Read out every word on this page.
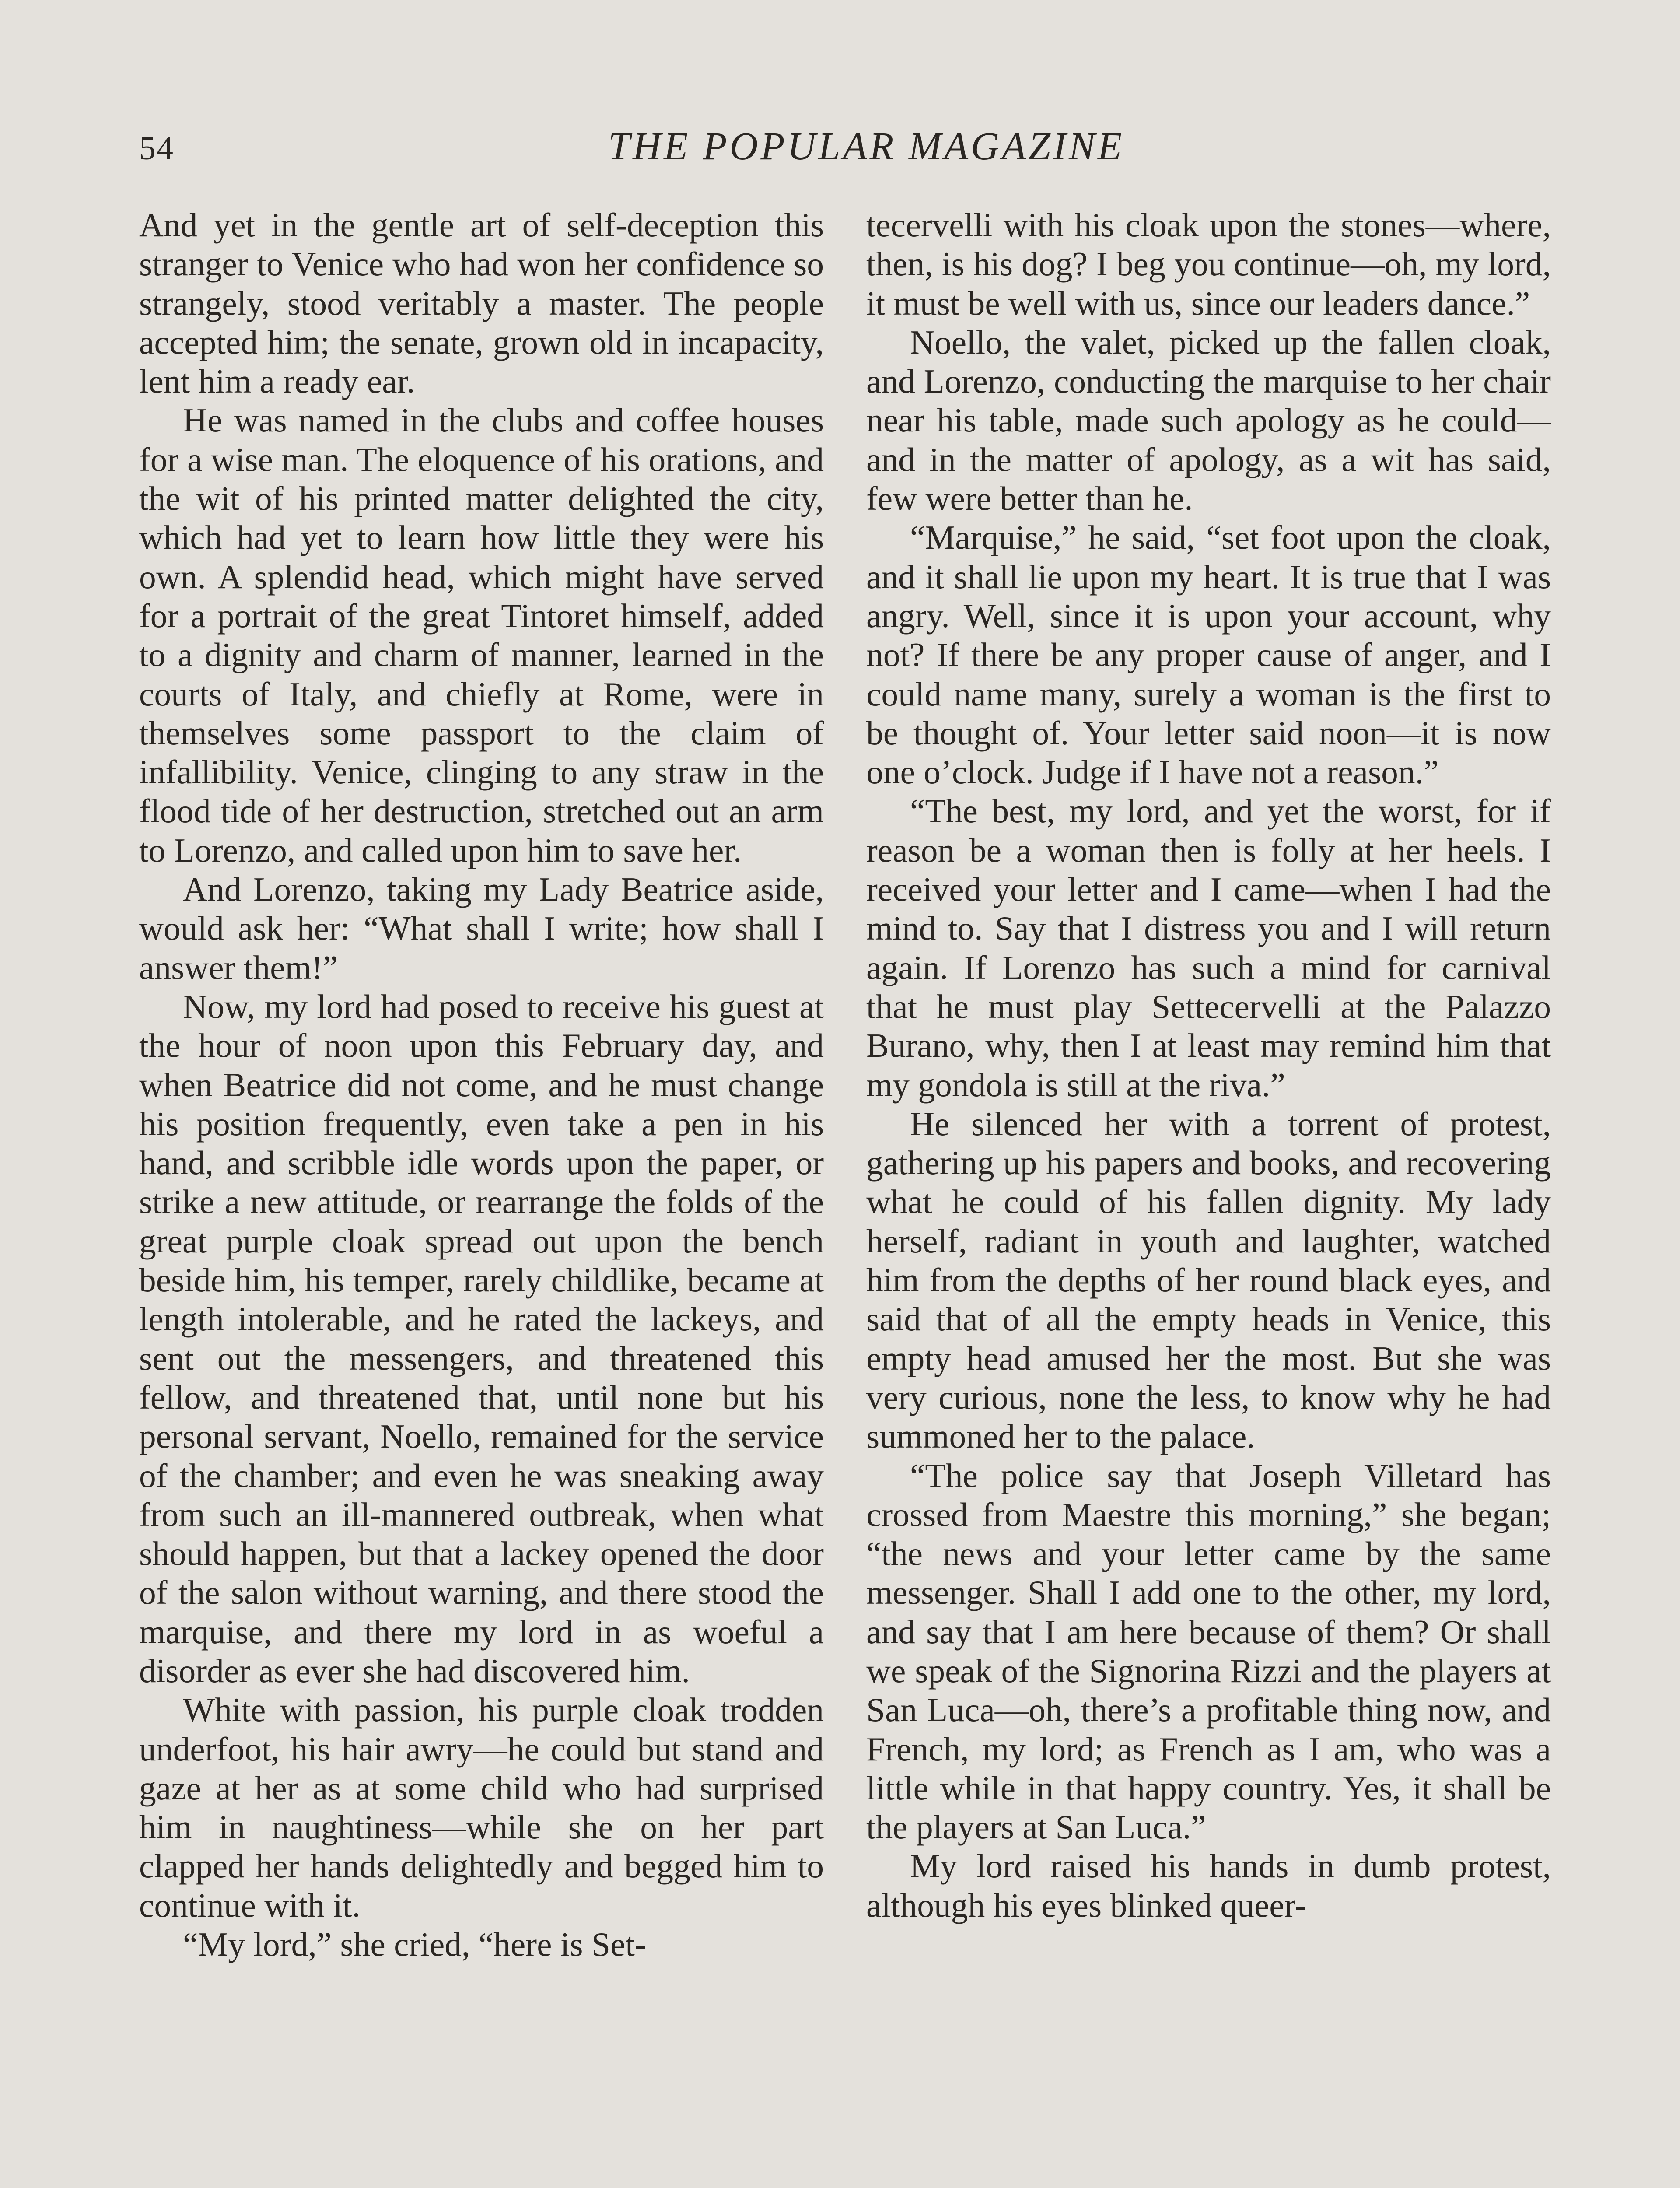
54	THE POPULAR MAGAZINE

And yet in the gentle art of self-deception this stranger to Venice who had won her confidence so strangely, stood veritably a master. The people accepted him; the senate, grown old in incapacity, lent him a ready ear.

He was named in the clubs and coffee houses for a wise man. The eloquence of his orations, and the wit of his printed matter delighted the city, which had yet to learn how little they were his own. A splendid head, which might have served for a portrait of the great Tintoret himself, added to a dignity and charm of manner, learned in the courts of Italy, and chiefly at Rome, were in themselves some passport to the claim of infallibility. Venice, clinging to any straw in the flood tide of her destruction, stretched out an arm to Lorenzo, and called upon him to save her.

And Lorenzo, taking my Lady Beatrice aside, would ask her: “What shall I write; how shall I answer them!”

Now, my lord had posed to receive his guest at the hour of noon upon this February day, and when Beatrice did not come, and he must change his position frequently, even take a pen in his hand, and scribble idle words upon the paper, or strike a new attitude, or rearrange the folds of the great purple cloak spread out upon the bench beside him, his temper, rarely childlike, became at length intolerable, and he rated the lackeys, and sent out the messengers, and threatened this fellow, and threatened that, until none but his personal servant, Noello, remained for the service of the chamber; and even he was sneaking away from such an ill-mannered outbreak, when what should happen, but that a lackey opened the door of the salon without warning, and there stood the marquise, and there my lord in as woeful a disorder as ever she had discovered him.

White with passion, his purple cloak trodden underfoot, his hair awry—he could but stand and gaze at her as at some child who had surprised him in naughtiness—while she on her part clapped her hands delightedly and begged him to continue with it.

“My lord,” she cried, “here is Set-

tecervelli with his cloak upon the stones—where, then, is his dog? I beg you continue—oh, my lord, it must be well with us, since our leaders dance.”

Noello, the valet, picked up the fallen cloak, and Lorenzo, conducting the marquise to her chair near his table, made such apology as he could—and in the matter of apology, as a wit has said, few were better than he.

“Marquise,” he said, “set foot upon the cloak, and it shall lie upon my heart. It is true that I was angry. Well, since it is upon your account, why not? If there be any proper cause of anger, and I could name many, surely a woman is the first to be thought of. Your letter said noon—it is now one o’clock. Judge if I have not a reason.”

“The best, my lord, and yet the worst, for if reason be a woman then is folly at her heels. I received your letter and I came—when I had the mind to. Say that I distress you and I will return again. If Lorenzo has such a mind for carnival that he must play Settecervelli at the Palazzo Burano, why, then I at least may remind him that my gondola is still at the riva.”

He silenced her with a torrent of protest, gathering up his papers and books, and recovering what he could of his fallen dignity. My lady herself, radiant in youth and laughter, watched him from the depths of her round black eyes, and said that of all the empty heads in Venice, this empty head amused her the most. But she was very curious, none the less, to know why he had summoned her to the palace.

“The police say that Joseph Villetard has crossed from Maestre this morning,” she began; “the news and your letter came by the same messenger. Shall I add one to the other, my lord, and say that I am here because of them? Or shall we speak of the Signorina Rizzi and the players at San Luca—oh, there’s a profitable thing now, and French, my lord; as French as I am, who was a little while in that happy country. Yes, it shall be the players at San Luca.”

My lord raised his hands in dumb protest, although his eyes blinked queer-
